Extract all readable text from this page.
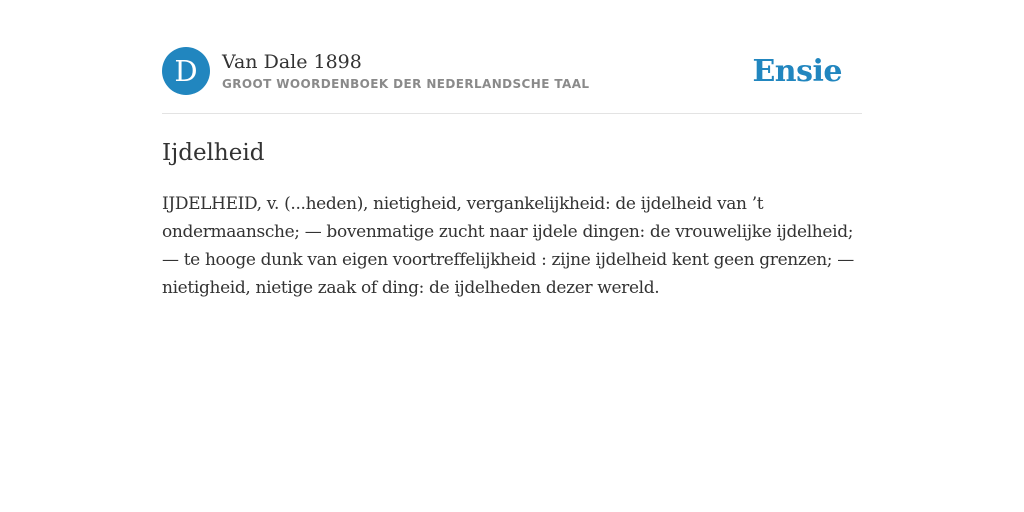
D Van Dale 1898
GROOT WOORDENBOEK DER NEDERLANDSCHE TAAL	Ensie
Ijdelheid
IJDELHEID, v. (...heden), nietigheid, vergankelijkheid: de ijdelheid van ’t ondermaansche; — bovenmatige zucht naar ijdele dingen: de vrouwelijke ijdelheid; — te hooge dunk van eigen voortreffelijkheid : zijne ijdelheid kent geen grenzen; — nietigheid, nietige zaak of ding: de ijdelheden dezer wereld.
